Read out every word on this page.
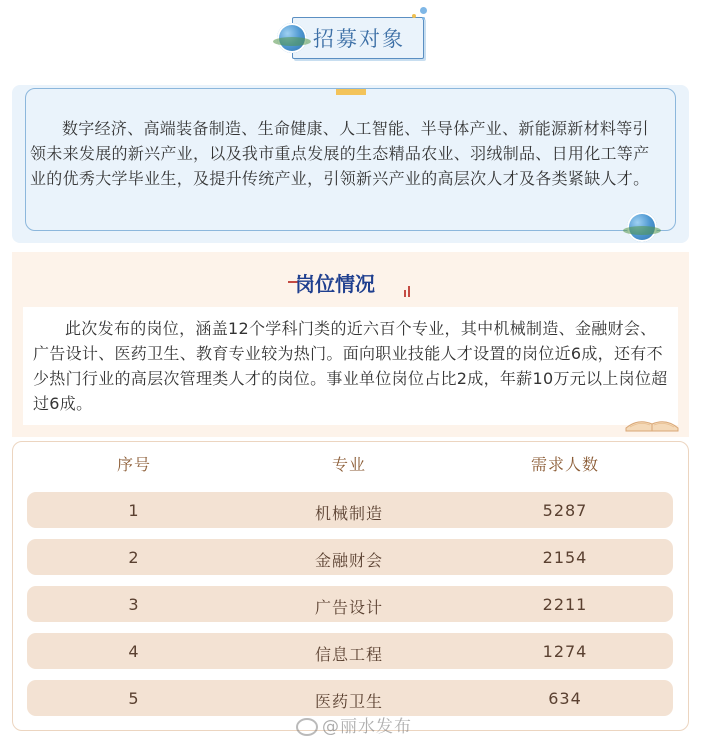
数字经济、高端装备制造、生命健康、人工智能、半导体产业、新能源新材料等引领未来发展的新兴产业，以及我市重点发展的生态精品农业、羽绒制品、日用化工等产业的优秀大学毕业生，及提升传统产业，引领新兴产业的高层次人才及各类紧缺人才。

招募对象
岗位情况

此次发布的岗位，涵盖12个学科门类的近六百个专业，其中机械制造、金融财会、广告设计、医药卫生、教育专业较为热门。面向职业技能人才设置的岗位近6成，还有不少热门行业的高层次管理类人才的岗位。事业单位岗位占比2成，年薪10万元以上岗位超过6成。

序号	专业	需求人数
1	机械制造	5287
2	金融财会	2154
3	广告设计	2211
4	信息工程	1274
5	医药卫生	634
@丽水发布
